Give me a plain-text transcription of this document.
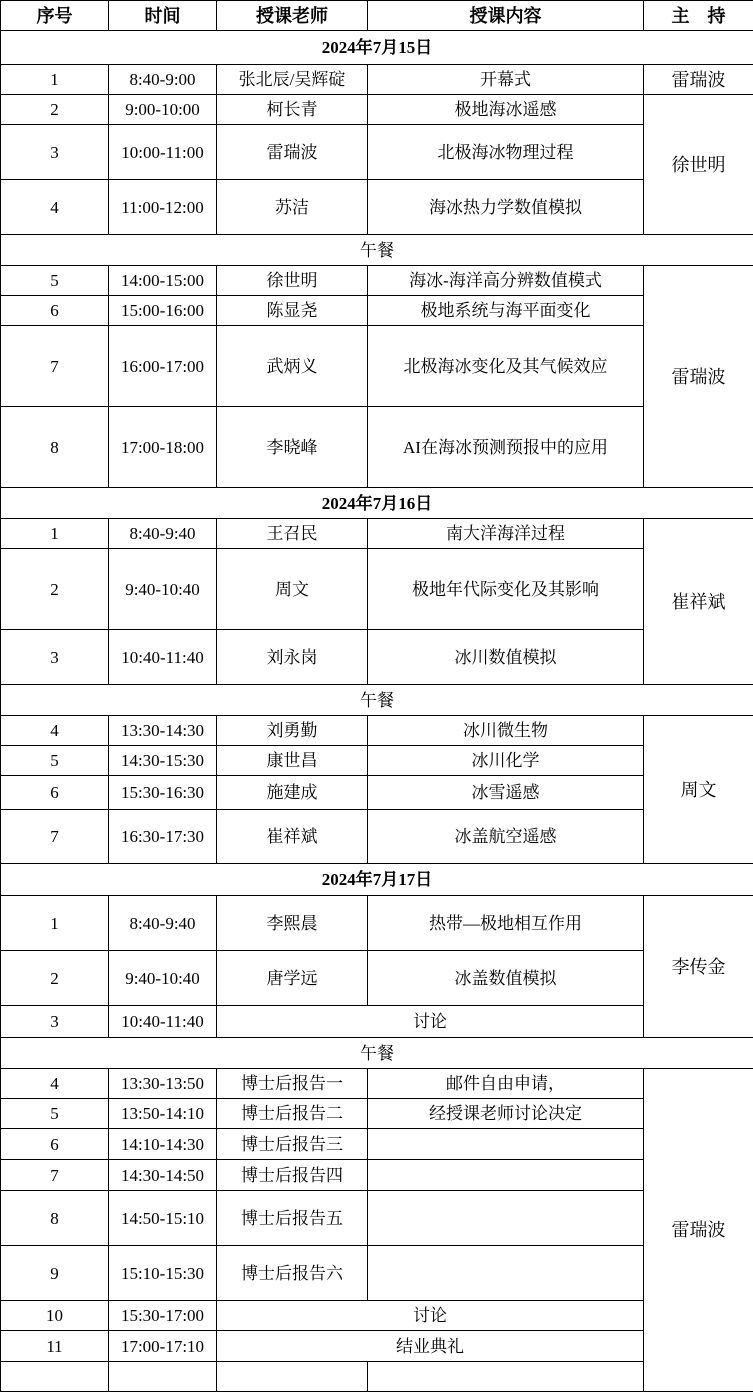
序号	时间	授课老师	授课内容	主　持	
2024年7月15日					
1	8:40-9:00	张北辰/吴辉碇	开幕式	雷瑞波	
2	9:00-10:00	柯长青	极地海冰遥感	徐世明	
3	10:00-11:00	雷瑞波	北极海冰物理过程		
4	11:00-12:00	苏洁	海冰热力学数值模拟		
午餐					
5	14:00-15:00	徐世明	海冰-海洋高分辨数值模式	雷瑞波	
6	15:00-16:00	陈显尧	极地系统与海平面变化		
7	16:00-17:00	武炳义	北极海冰变化及其气候效应		
8	17:00-18:00	李晓峰	AI在海冰预测预报中的应用		
2024年7月16日					
1	8:40-9:40	王召民	南大洋海洋过程	崔祥斌	
2	9:40-10:40	周文	极地年代际变化及其影响		
3	10:40-11:40	刘永岗	冰川数值模拟		
午餐					
4	13:30-14:30	刘勇勤	冰川微生物	周文	
5	14:30-15:30	康世昌	冰川化学		
6	15:30-16:30	施建成	冰雪遥感		
7	16:30-17:30	崔祥斌	冰盖航空遥感		
2024年7月17日					
1	8:40-9:40	李熙晨	热带—极地相互作用	李传金	
2	9:40-10:40	唐学远	冰盖数值模拟		
3	10:40-11:40	讨论			
午餐					
4	13:30-13:50	博士后报告一	邮件自由申请，	雷瑞波	
5	13:50-14:10	博士后报告二	经授课老师讨论决定		
6	14:10-14:30	博士后报告三			
7	14:30-14:50	博士后报告四			
8	14:50-15:10	博士后报告五			
9	15:10-15:30	博士后报告六			
10	15:30-17:00	讨论			
11	17:00-17:10	结业典礼			
